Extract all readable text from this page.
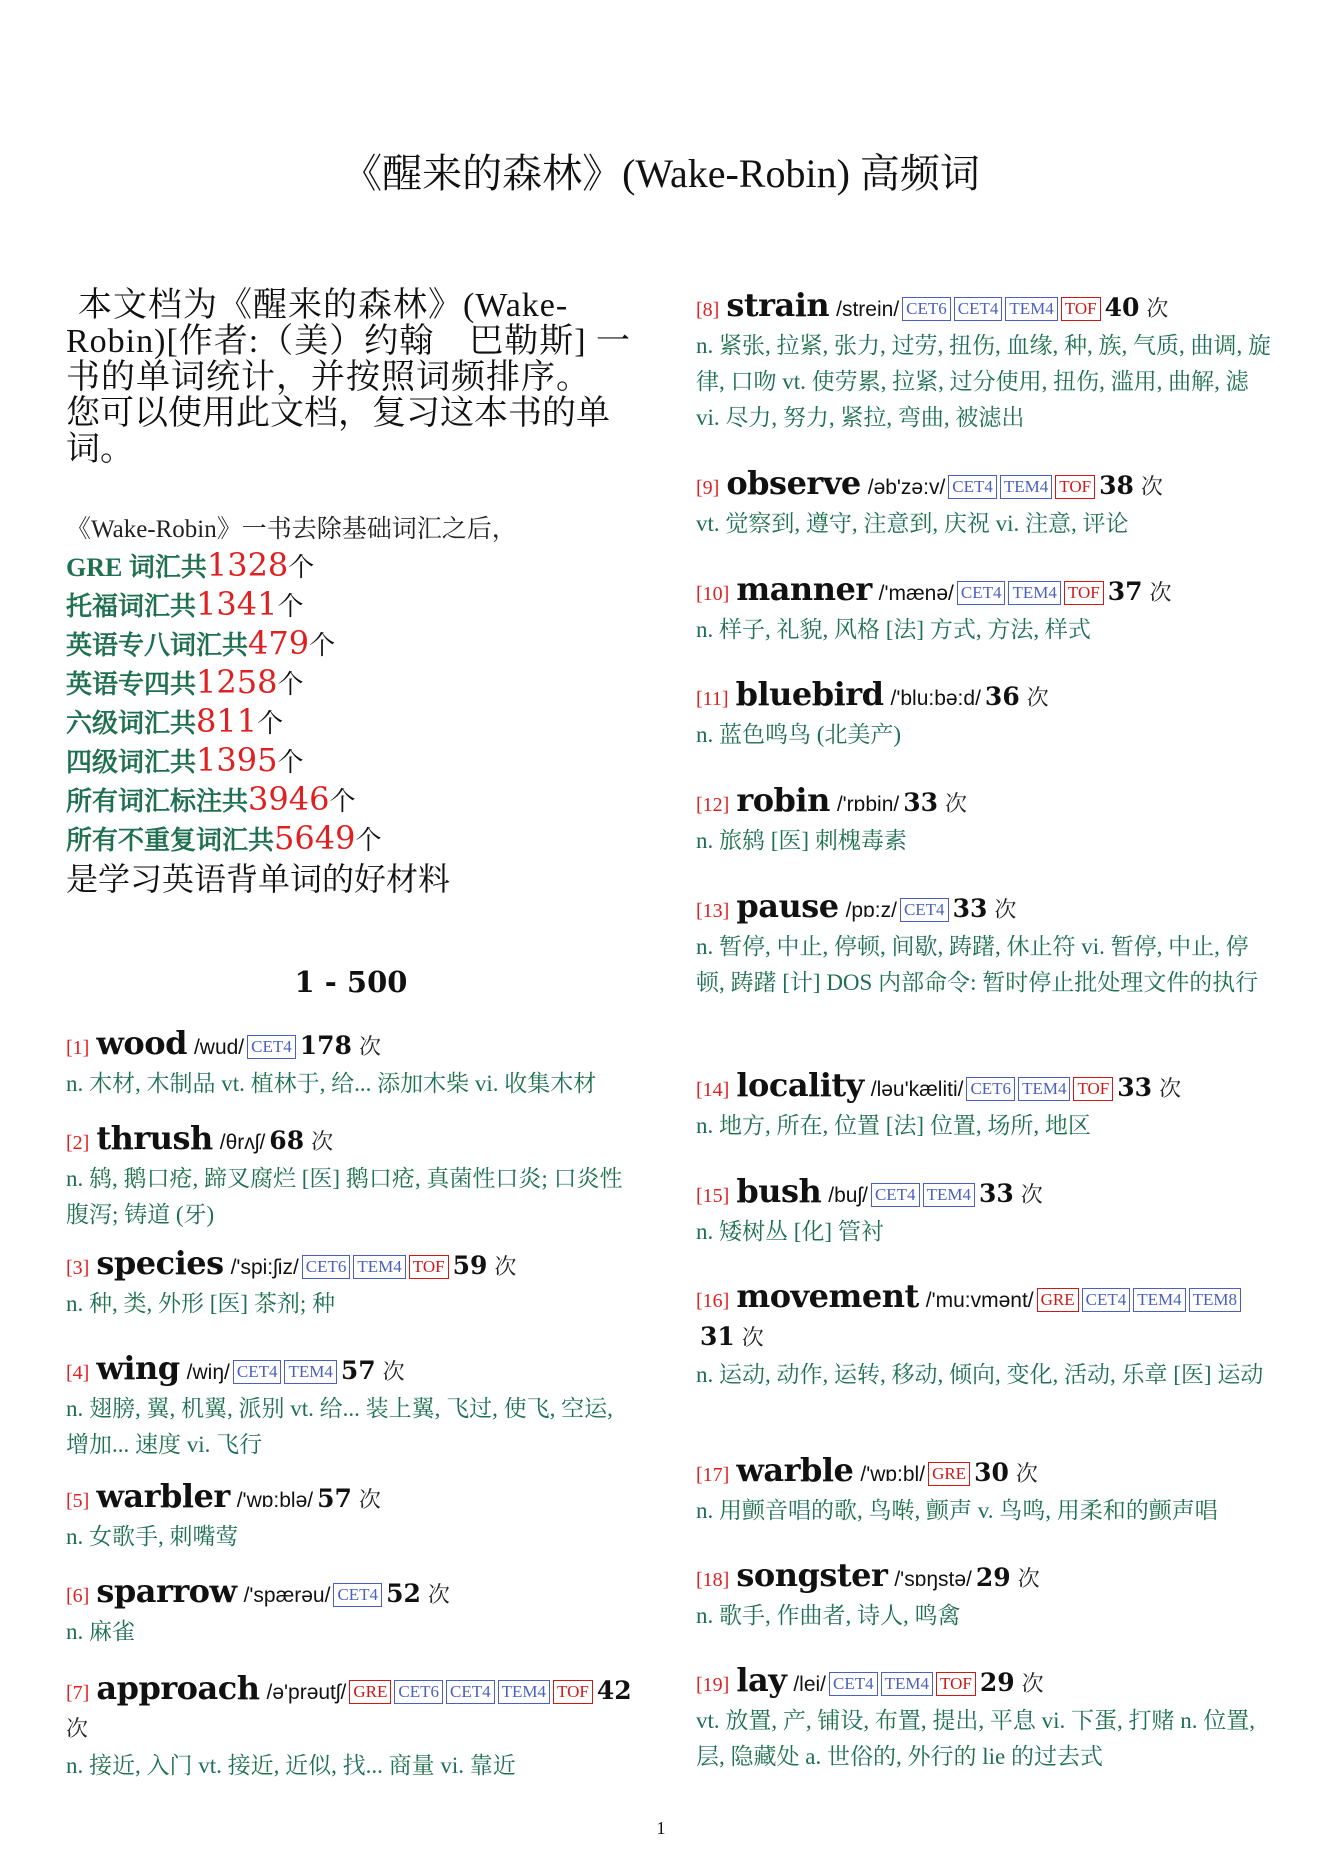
《醒来的森林》(Wake-Robin) 高频词

本文档为《醒来的森林》(Wake-Robin)[作者:（美）约翰　巴勒斯] 一书的单词统计，并按照词频排序。

您可以使用此文档，复习这本书的单词。

《Wake-Robin》一书去除基础词汇之后，
GRE 词汇共1328个
托福词汇共1341个
英语专八词汇共479个
英语专四共1258个
六级词汇共811个
四级词汇共1395个
所有词汇标注共3946个
所有不重复词汇共5649个
是学习英语背单词的好材料
1 - 500
[1] wood /wud/ CET4 178 次
n. 木材, 木制品 vt. 植林于, 给... 添加木柴 vi. 收集木材
[2] thrush /θrʌʃ/ 68 次
n. 鸫, 鹅口疮, 蹄叉腐烂 [医] 鹅口疮, 真菌性口炎; 口炎性腹泻; 铸道 (牙)
[3] species /'spi:ʃiz/ CET6 TEM4 TOF 59 次
n. 种, 类, 外形 [医] 茶剂; 种
[4] wing /wiŋ/ CET4 TEM4 57 次
n. 翅膀, 翼, 机翼, 派别 vt. 给... 装上翼, 飞过, 使飞, 空运, 增加... 速度 vi. 飞行
[5] warbler /'wɒ:blə/ 57 次
n. 女歌手, 刺嘴莺
[6] sparrow /'spærəu/ CET4 52 次
n. 麻雀
[7] approach /ə'prəutʃ/ GRE CET6 CET4 TEM4 TOF 42 次
n. 接近, 入门 vt. 接近, 近似, 找... 商量 vi. 靠近
[8] strain /strein/ CET6 CET4 TEM4 TOF 40 次
n. 紧张, 拉紧, 张力, 过劳, 扭伤, 血缘, 种, 族, 气质, 曲调, 旋律, 口吻 vt. 使劳累, 拉紧, 过分使用, 扭伤, 滥用, 曲解, 滤 vi. 尽力, 努力, 紧拉, 弯曲, 被滤出
[9] observe /əb'zə:v/ CET4 TEM4 TOF 38 次
vt. 觉察到, 遵守, 注意到, 庆祝 vi. 注意, 评论
[10] manner /'mænə/ CET4 TEM4 TOF 37 次
n. 样子, 礼貌, 风格 [法] 方式, 方法, 样式
[11] bluebird /'blu:bə:d/ 36 次
n. 蓝色鸣鸟 (北美产)
[12] robin /'rɒbin/ 33 次
n. 旅鸫 [医] 刺槐毒素
[13] pause /pɒ:z/ CET4 33 次
n. 暂停, 中止, 停顿, 间歇, 踌躇, 休止符 vi. 暂停, 中止, 停顿, 踌躇 [计] DOS 内部命令: 暂时停止批处理文件的执行
[14] locality /ləu'kæliti/ CET6 TEM4 TOF 33 次
n. 地方, 所在, 位置 [法] 位置, 场所, 地区
[15] bush /buʃ/ CET4 TEM4 33 次
n. 矮树丛 [化] 管衬
[16] movement /'mu:vmənt/ GRE CET4 TEM4 TEM831 次
n. 运动, 动作, 运转, 移动, 倾向, 变化, 活动, 乐章 [医] 运动
[17] warble /'wɒ:bl/ GRE 30 次
n. 用颤音唱的歌, 鸟啭, 颤声 v. 鸟鸣, 用柔和的颤声唱
[18] songster /'sɒŋstə/ 29 次
n. 歌手, 作曲者, 诗人, 鸣禽
[19] lay /lei/ CET4 TEM4 TOF 29 次
vt. 放置, 产, 铺设, 布置, 提出, 平息 vi. 下蛋, 打赌 n. 位置, 层, 隐藏处 a. 世俗的, 外行的 lie 的过去式
1
